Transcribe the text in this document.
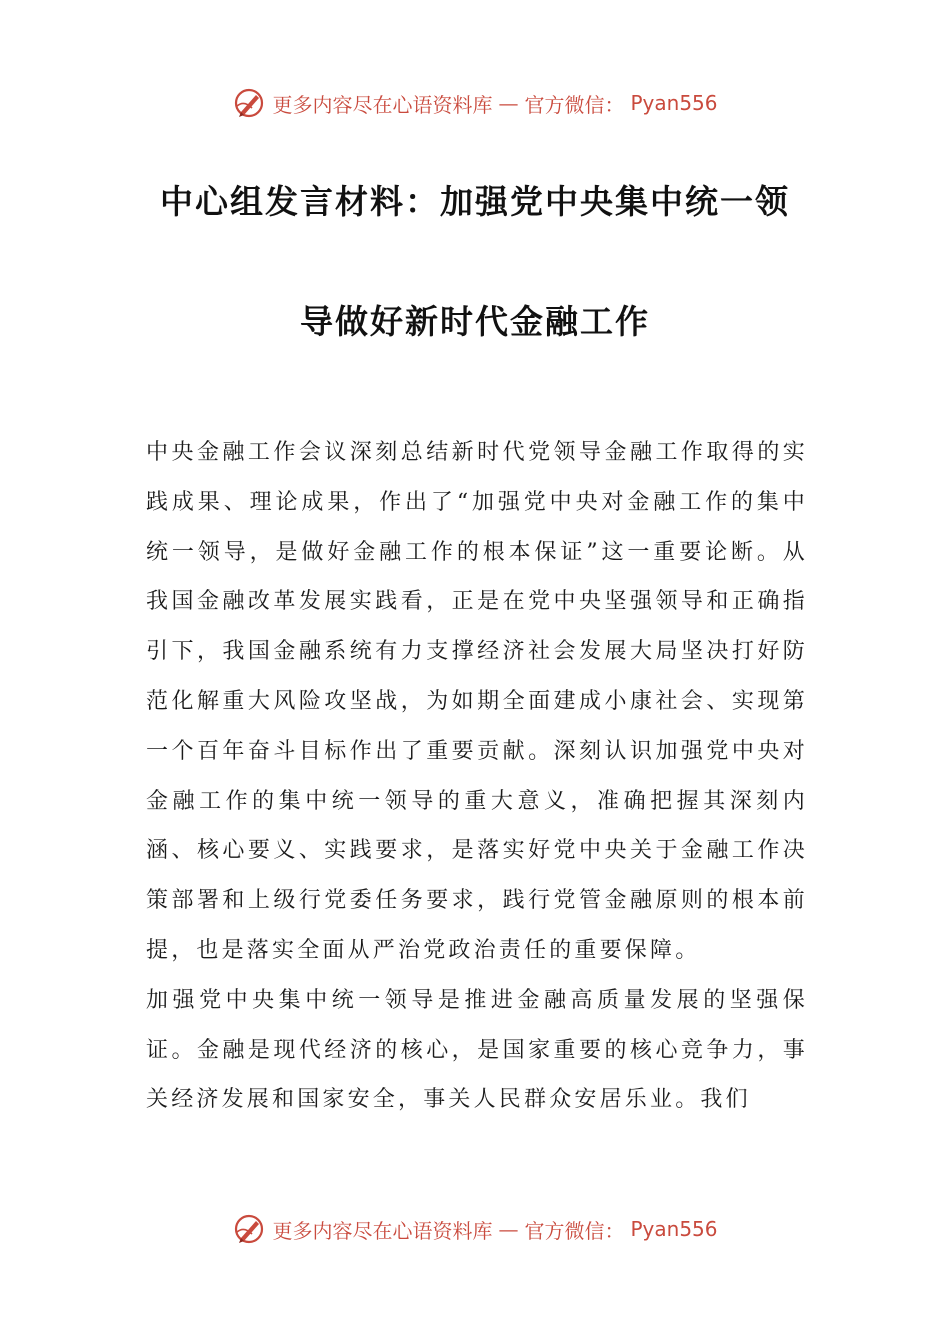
更多内容尽在心语资料库 — 官方微信： Pyan556
中心组发言材料：加强党中央集中统一领
导做好新时代金融工作

中央金融工作会议深刻总结新时代党领导金融工作取得的实践成果、理论成果，作出了“加强党中央对金融工作的集中统一领导，是做好金融工作的根本保证”这一重要论断。从我国金融改革发展实践看，正是在党中央坚强领导和正确指引下，我国金融系统有力支撑经济社会发展大局坚决打好防范化解重大风险攻坚战，为如期全面建成小康社会、实现第一个百年奋斗目标作出了重要贡献。深刻认识加强党中央对金融工作的集中统一领导的重大意义，准确把握其深刻内涵、核心要义、实践要求，是落实好党中央关于金融工作决策部署和上级行党委任务要求，践行党管金融原则的根本前提，也是落实全面从严治党政治责任的重要保障。

加强党中央集中统一领导是推进金融高质量发展的坚强保证。金融是现代经济的核心，是国家重要的核心竞争力，事关经济发展和国家安全，事关人民群众安居乐业。我们

更多内容尽在心语资料库 — 官方微信： Pyan556
